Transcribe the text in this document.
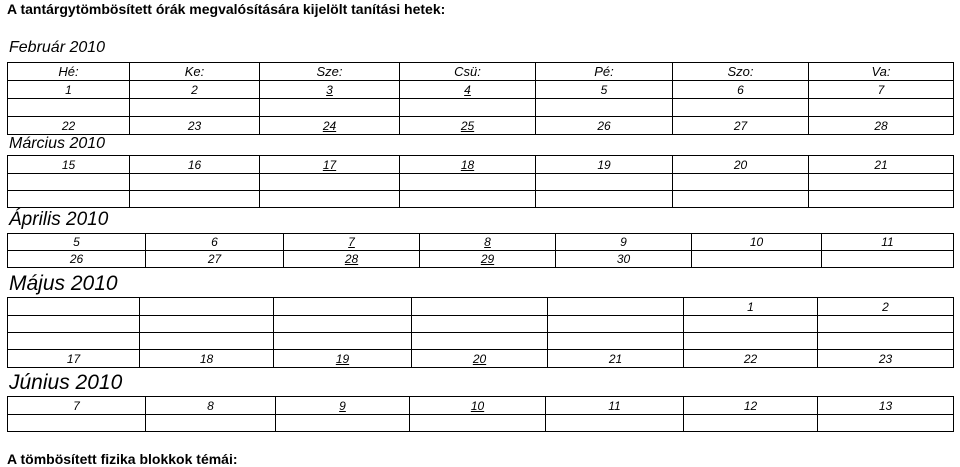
A tantárgytömbösített órák megvalósítására kijelölt tanítási hetek:
Február 2010
Hé:	Ke:	Sze:	Csü:	Pé:	Szo:	Va:
1	2	3	4	5	6	7

22	23	24	25	26	27	28
Március 2010
15	16	17	18	19	20	21

Április 2010
5	6	7	8	9	10	11
26	27	28	29	30		
Május 2010
					1	2

17	18	19	20	21	22	23
Június 2010
7	8	9	10	11	12	13

A tömbösített fizika blokkok témái:
